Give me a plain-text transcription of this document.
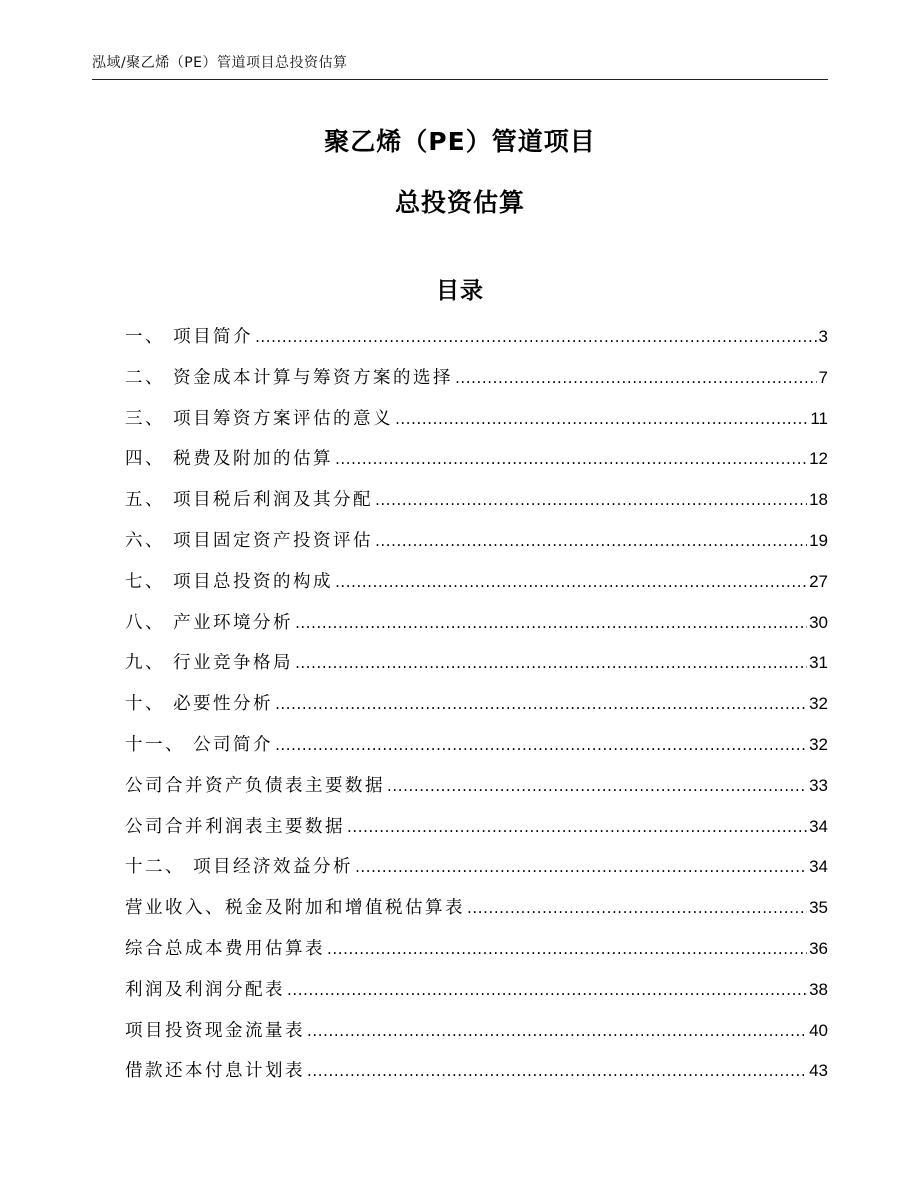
泓域/聚乙烯（PE）管道项目总投资估算
聚乙烯（PE）管道项目
总投资估算
目录
一、 项目简介 .....	3
二、 资金成本计算与筹资方案的选择 .....	7
三、 项目筹资方案评估的意义 .....	11
四、 税费及附加的估算 .....	12
五、 项目税后利润及其分配 .....	18
六、 项目固定资产投资评估 .....	19
七、 项目总投资的构成 .....	27
八、 产业环境分析 .....	30
九、 行业竞争格局 .....	31
十、 必要性分析 .....	32
十一、 公司简介 .....	32
公司合并资产负债表主要数据 .....	33
公司合并利润表主要数据 .....	34
十二、 项目经济效益分析 .....	34
营业收入、税金及附加和增值税估算表 .....	35
综合总成本费用估算表 .....	36
利润及利润分配表 .....	38
项目投资现金流量表 .....	40
借款还本付息计划表 .....	43
